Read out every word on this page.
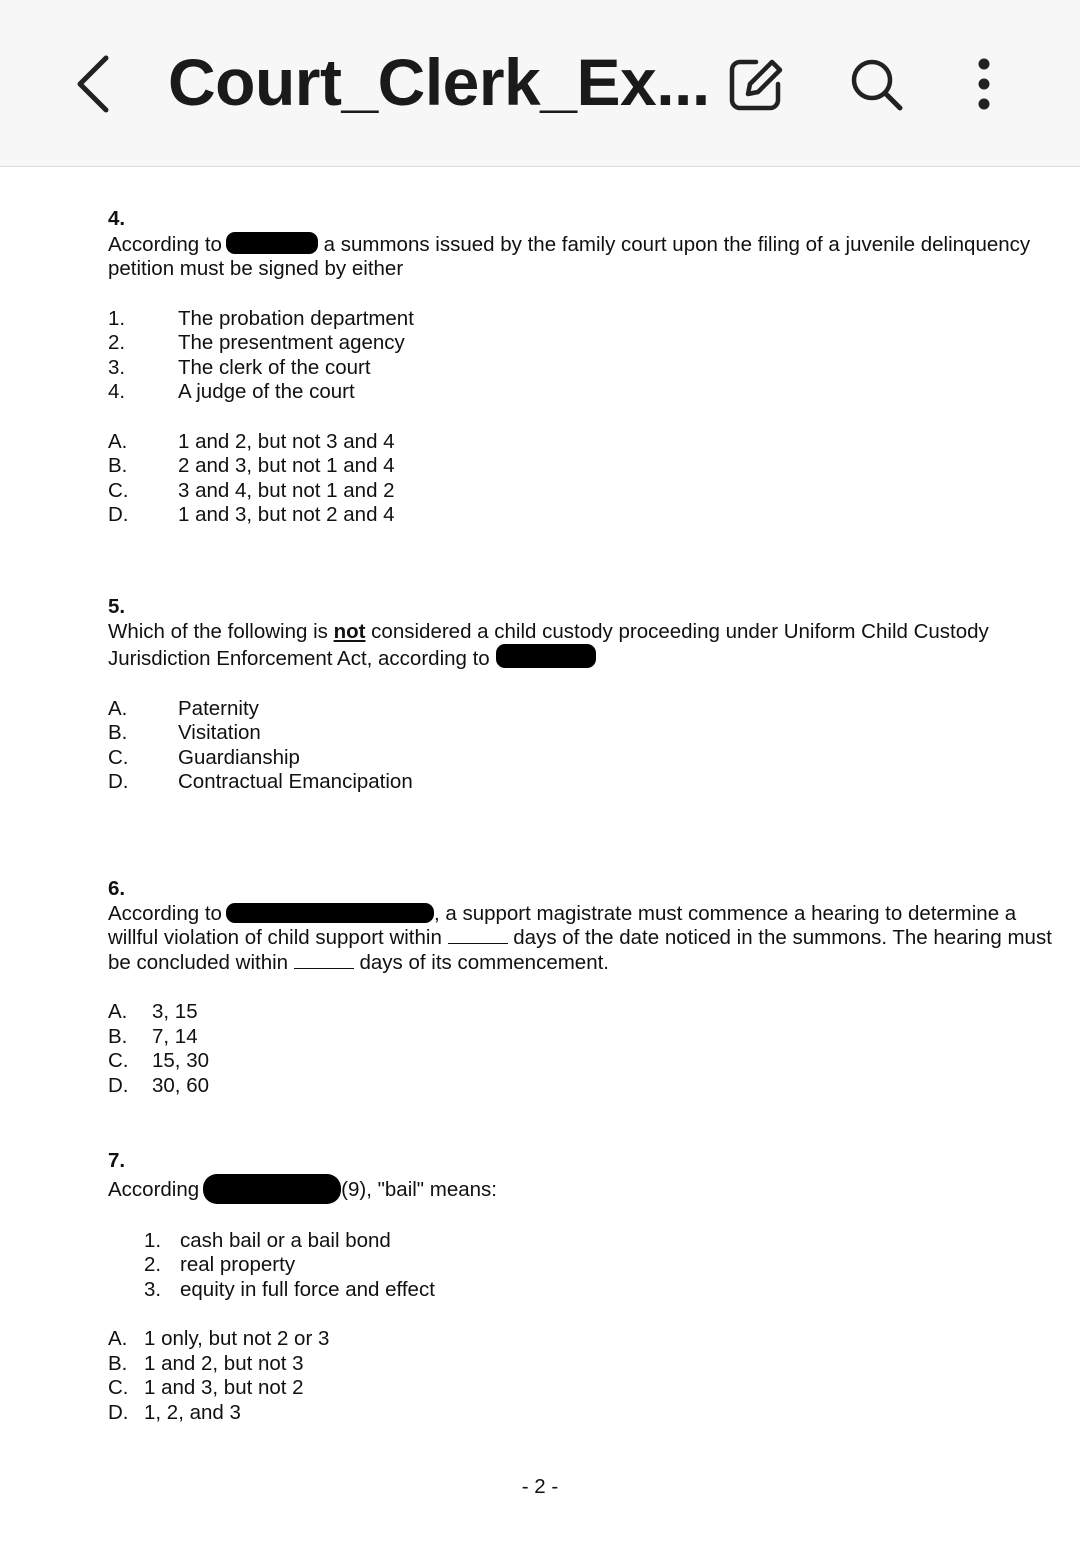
Court_Clerk_Ex...
4.

According to	a summons issued by the family court upon the filing of a juvenile delinquency petition must be signed by either

1.	The probation department
2.	The presentment agency
3.	The clerk of the court
4.	A judge of the court
A.	1 and 2, but not 3 and 4
B.	2 and 3, but not 1 and 4
C.	3 and 4, but not 1 and 2
D.	1 and 3, but not 2 and 4
5.

Which of the following is not considered a child custody proceeding under Uniform Child Custody Jurisdiction Enforcement Act, according to

A.	Paternity
B.	Visitation
C.	Guardianship
D.	Contractual Emancipation
6.

According to	, a support magistrate must commence a hearing to determine a willful violation of child support within	days of the date noticed in the summons. The hearing must be concluded within	days of its commencement.

A.	3, 15
B.	7, 14
C.	15, 30
D.	30, 60
7.

According	(9), "bail" means:

1. cash bail or a bail bond
2. real property
3. equity in full force and effect
A. 1 only, but not 2 or 3
B. 1 and 2, but not 3
C. 1 and 3, but not 2
D. 1, 2, and 3
- 2 -
